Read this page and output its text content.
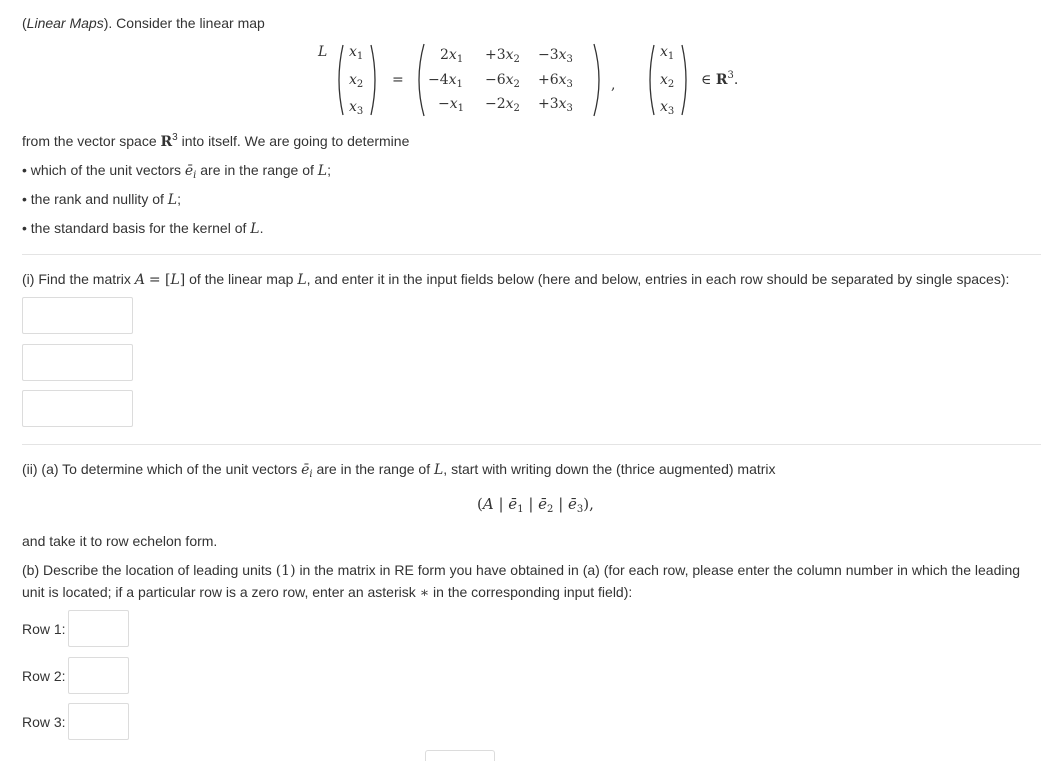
(Linear Maps). Consider the linear map
L $x_1$
$x_2$
$x_3$
=
$2x_1 +3x_2 -3x_3$
$-4x_1 -6x_2 +6x_3$
$-x_1 -2x_2 +3x_3$
,
$x_1$
$x_2$
$x_3$
∈ $R^3$.
from the vector space $R^3$ into itself. We are going to determine
• which of the unit vectors $ē_i$ are in the range of L;
• the rank and nullity of L;
• the standard basis for the kernel of L.
(i) Find the matrix A = [L] of the linear map L, and enter it in the input fields below (here and below, entries in each row should be separated by single spaces):
(ii) (a) To determine which of the unit vectors $ē_i$ are in the range of L, start with writing down the (thrice augmented) matrix
(A | $ē_1$ | $ē_2$ | $ē_3$),
and take it to row echelon form.
(b) Describe the location of leading units (1) in the matrix in RE form you have obtained in (a) (for each row, please enter the column number in which the leading
unit is located; if a particular row is a zero row, enter an asterisk ∗ in the corresponding input field):
Row 1:
Row 2:
Row 3:
